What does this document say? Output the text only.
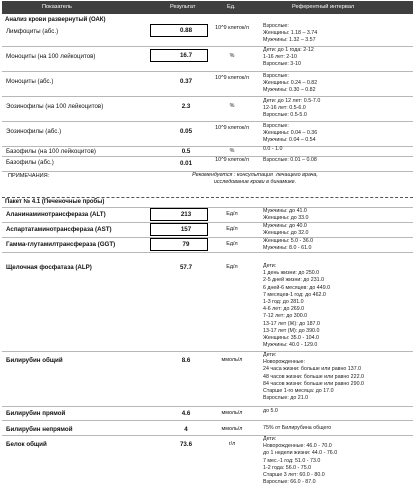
Показатель	Результат	Ед.	Референтный интервал
Анализ крови развернутый (ОАК)
Лимфоциты (абс.)	0.88	10^9 клеток/л	Взрослые:
Женщины: 1.18 – 3.74
Мужчины: 1.32 – 3.57
Моноциты (на 100 лейкоцитов)	16.7	%
Дети: до 1 года: 2-12
1-16 лет: 2-10
Взрослые: 3-10
Моноциты (абс.)	0.37	10^9 клеток/л	Взрослые:
Женщины: 0.24 – 0.82
Мужчины: 0.30 – 0.82
Эозинофилы (на 100 лейкоцитов)	2.3	%
Дети: до 12 лет: 0.5-7.0
12-16 лет: 0.5-6.0
Взрослые: 0.5-5.0
Эозинофилы (абс.)	0.05	10^9 клеток/л	Взрослые:
Женщины: 0.04 – 0.36
Мужчины: 0.04 – 0.54
Базофилы (на 100 лейкоцитов)	0.5	%	0.0 - 1.0
Базофилы (абс.)	0.01	10^9 клеток/л	Взрослые: 0.01 – 0.08
ПРИМЕЧАНИЯ:	Рекомендуется : консультация  лечащего врача,
исследование крови в динамике.
Пакет № 4.1 (Печеночные пробы)
Аланинаминотрансфераза (ALT)	213	Ед/л	Мужчины: до 41.0
Женщины: до 33.0
Аспартатаминотрансфераза (AST)	157	Ед/л	Мужчины: до 40.0
Женщины: до 32.0
Гамма-глутамилтрансфераза (GGT)	79	Ед/л	Женщины: 5.0 - 36.0
Мужчины: 8.0 - 61.0
Щелочная фосфатаза (ALP)	57.7	Ед/л	Дети:
1 день жизни: до 250.0
2-5 дней жизни: до 231.0
6 дней-6 месяцев: до 449.0
7 месяцев-1 год: до 462.0
1-3 год: до 281.0
4-6 лет: до 269.0
7-12 лет: до 300.0
13-17 лет (Ж): до 187.0
13-17 лет (М): до 390.0
Женщины: 35.0 - 104.0
Мужчины: 40.0 - 129.0
Билирубин общий	8.6	ммоль/л
Дети:
Новорожденные:
24 часа жизни: больше или равно 137.0
48 часов жизни: больше или равно 222.0
84 часов жизни: больше или равно 290.0
Старше 1-го месяца: до 17.0
Взрослые: до 21.0
Билирубин прямой	4.6	ммоль/л	до 5.0
Билирубин непрямой	4	ммоль/л	75% от Билирубина общего
Белок общий	73.6	г/л
Дети:
Новорожденные: 46.0 - 70.0
до 1 недели жизни: 44.0 - 76.0
7 мес.-1 год: 51.0 - 73.0
1-2 года: 56.0 - 75.0
Старше 3 лет: 60.0 - 80.0
Взрослые: 66.0 - 87.0
